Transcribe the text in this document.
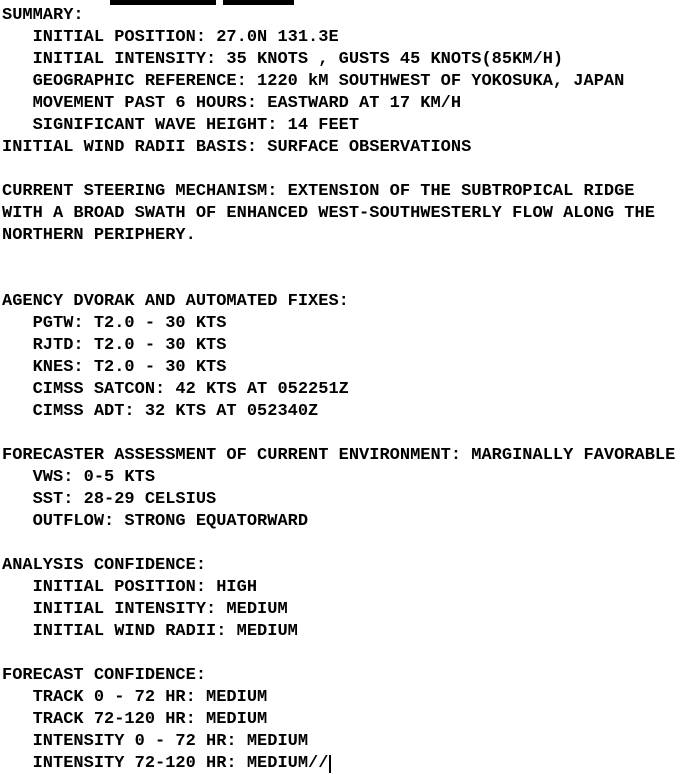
SUMMARY:
INITIAL POSITION: 27.0N 131.3E
INITIAL INTENSITY: 35 KNOTS , GUSTS 45 KNOTS(85KM/H)
GEOGRAPHIC REFERENCE: 1220 kM SOUTHWEST OF YOKOSUKA, JAPAN
MOVEMENT PAST 6 HOURS: EASTWARD AT 17 KM/H
SIGNIFICANT WAVE HEIGHT: 14 FEET
INITIAL WIND RADII BASIS: SURFACE OBSERVATIONS

CURRENT STEERING MECHANISM: EXTENSION OF THE SUBTROPICAL RIDGE
WITH A BROAD SWATH OF ENHANCED WEST-SOUTHWESTERLY FLOW ALONG THE
NORTHERN PERIPHERY.

AGENCY DVORAK AND AUTOMATED FIXES:
PGTW: T2.0 - 30 KTS
RJTD: T2.0 - 30 KTS
KNES: T2.0 - 30 KTS
CIMSS SATCON: 42 KTS AT 052251Z
CIMSS ADT: 32 KTS AT 052340Z

FORECASTER ASSESSMENT OF CURRENT ENVIRONMENT: MARGINALLY FAVORABLE
VWS: 0-5 KTS
SST: 28-29 CELSIUS
OUTFLOW: STRONG EQUATORWARD

ANALYSIS CONFIDENCE:
INITIAL POSITION: HIGH
INITIAL INTENSITY: MEDIUM
INITIAL WIND RADII: MEDIUM

FORECAST CONFIDENCE:
TRACK 0 - 72 HR: MEDIUM
TRACK 72-120 HR: MEDIUM
INTENSITY 0 - 72 HR: MEDIUM
INTENSITY 72-120 HR: MEDIUM//
